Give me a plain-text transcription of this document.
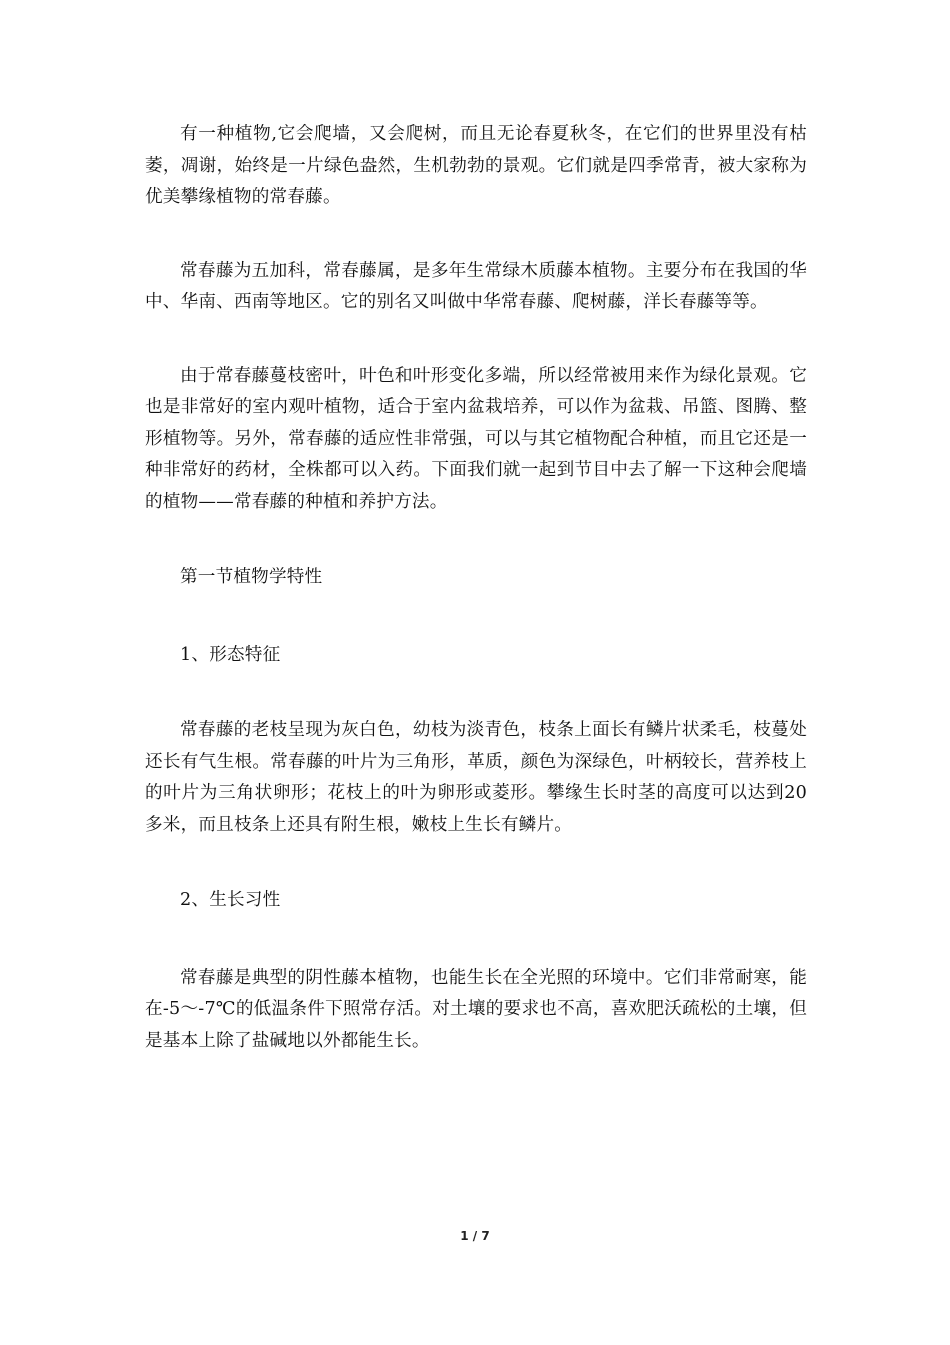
有一种植物,它会爬墙，又会爬树，而且无论春夏秋冬，在它们的世界里没有枯萎，凋谢，始终是一片绿色盎然，生机勃勃的景观。它们就是四季常青，被大家称为优美攀缘植物的常春藤。

常春藤为五加科，常春藤属，是多年生常绿木质藤本植物。主要分布在我国的华中、华南、西南等地区。它的别名又叫做中华常春藤、爬树藤，洋长春藤等等。

由于常春藤蔓枝密叶，叶色和叶形变化多端，所以经常被用来作为绿化景观。它也是非常好的室内观叶植物，适合于室内盆栽培养，可以作为盆栽、吊篮、图腾、整形植物等。另外，常春藤的适应性非常强，可以与其它植物配合种植，而且它还是一种非常好的药材，全株都可以入药。下面我们就一起到节目中去了解一下这种会爬墙的植物——常春藤的种植和养护方法。

第一节植物学特性

1、形态特征

常春藤的老枝呈现为灰白色，幼枝为淡青色，枝条上面长有鳞片状柔毛，枝蔓处还长有气生根。常春藤的叶片为三角形，革质，颜色为深绿色，叶柄较长，营养枝上的叶片为三角状卵形；花枝上的叶为卵形或菱形。攀缘生长时茎的高度可以达到20多米，而且枝条上还具有附生根，嫩枝上生长有鳞片。

2、生长习性

常春藤是典型的阴性藤本植物，也能生长在全光照的环境中。它们非常耐寒，能在-5～-7℃的低温条件下照常存活。对土壤的要求也不高，喜欢肥沃疏松的土壤，但是基本上除了盐碱地以外都能生长。

1 / 7
